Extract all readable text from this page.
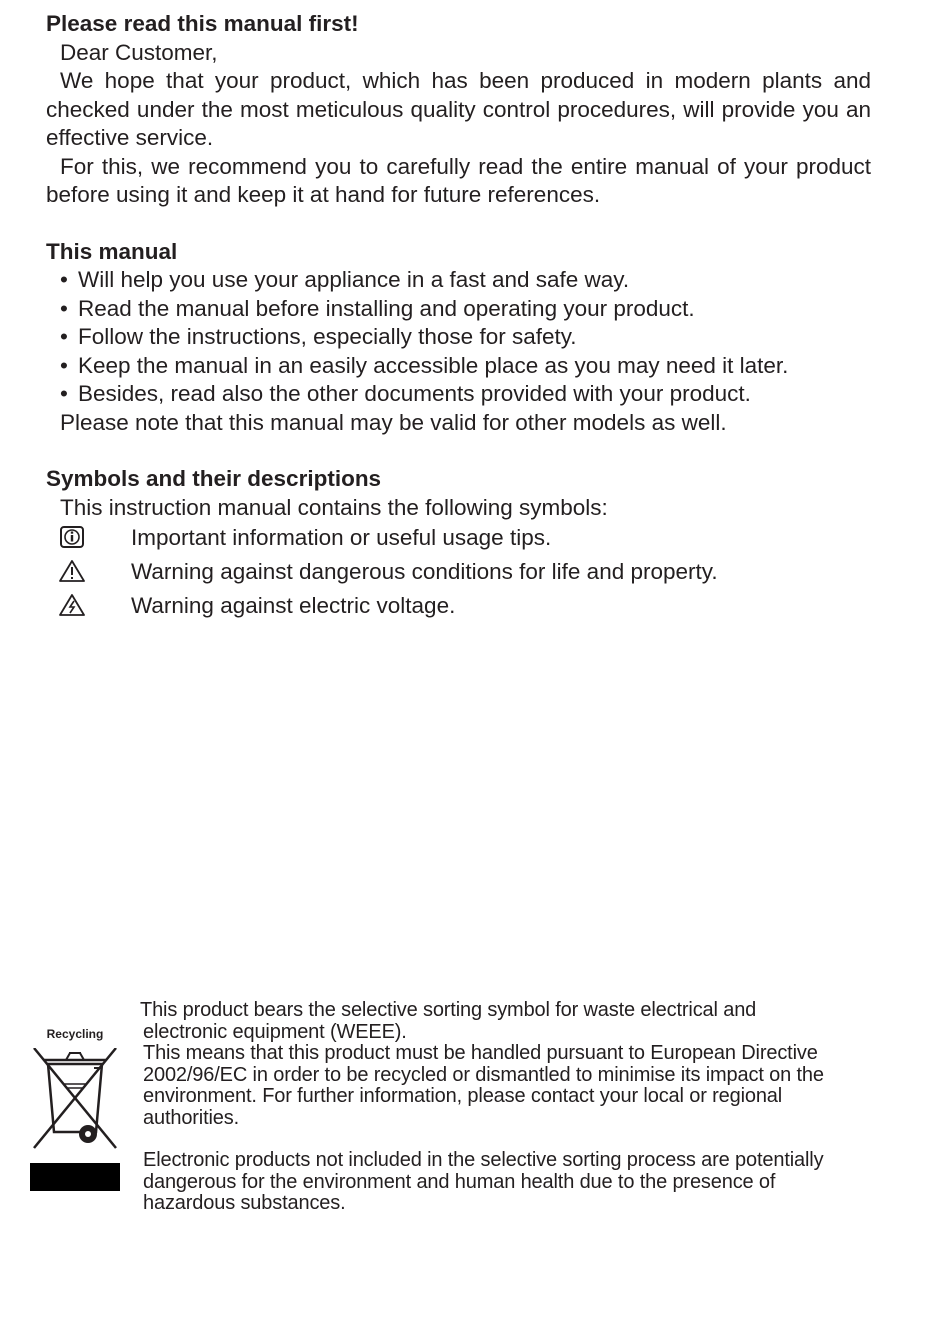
Please read this manual first!

Dear Customer,

We hope that your product, which has been produced in modern plants and checked under the most meticulous quality control procedures, will provide you an effective service.

For this, we recommend you to carefully read the entire manual of your product before using it and keep it at hand for future references.

This manual

• Will help you use your appliance in a fast and safe way.
• Read the manual before installing and operating your product.
• Follow the instructions, especially those for safety.
• Keep the manual in an easily accessible place as you may need it later.
• Besides, read also the other documents provided with your product.

Please note that this manual may be valid for other models as well.

Symbols and their descriptions

This instruction manual contains the following symbols:

Important information or useful usage tips.
Warning against dangerous conditions for life and property.
Warning against electric voltage.
Recycling

This product bears the selective sorting symbol for waste electrical and

electronic equipment (WEEE).

This means that this product must be handled pursuant to European Directive 2002/96/EC in order to be recycled or dismantled to minimise its impact on the environment. For further information, please contact your local or regional authorities.

Electronic products not included in the selective sorting process are potentially dangerous for the environment and human health due to the presence of hazardous substances.
